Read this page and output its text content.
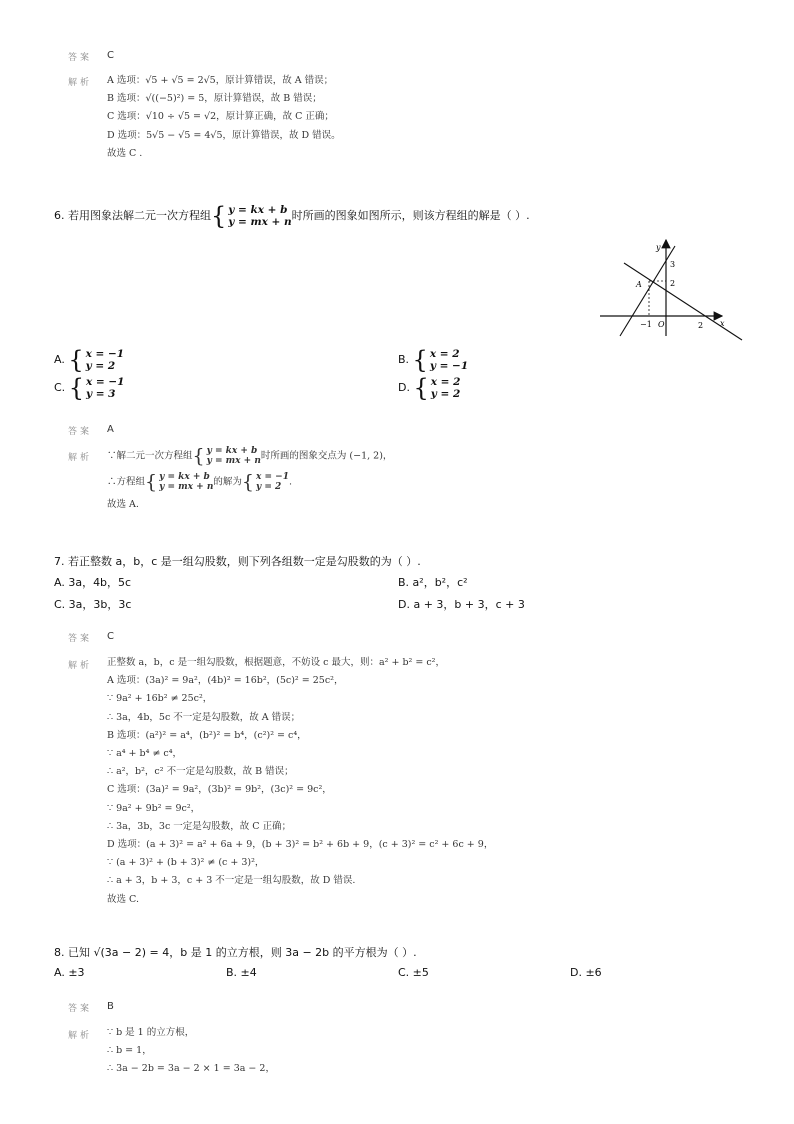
答案 C
解析 A 选项：√5 + √5 = 2√5，原计算错误，故 A 错误；
B 选项：√((−5)²) = 5，原计算错误，故 B 错误；
C 选项：√10 ÷ √5 = √2，原计算正确，故 C 正确；
D 选项：5√5 − √5 = 4√5，原计算错误，故 D 错误。
故选 C .
6. 若用图象法解二元一次方程组 { y = kx + b
y = mx + n 时所画的图象如图所示，则该方程组的解是（ ）.
y
x
3
2
A
−1 O	2
A. { x = −1
y = 2	B. { x = 2
y = −1
C. { x = −1
y = 3	D. { x = 2
y = 2
答案 A
解析 ∵解二元一次方程组 { y = kx + b
y = mx + n 时所画的图象交点为 (−1, 2)，
∴方程组 { y = kx + b
y = mx + n 的解为 { x = −1
y = 2 .
故选 A.
7. 若正整数 a，b，c 是一组勾股数，则下列各组数一定是勾股数的为（ ）.
A. 3a，4b，5c	B. a²，b²，c²
C. 3a，3b，3c	D. a + 3，b + 3，c + 3
答案 C
解析 正整数 a，b，c 是一组勾股数，根据题意，不妨设 c 最大，则：a² + b² = c²，
A 选项：(3a)² = 9a²，(4b)² = 16b²，(5c)² = 25c²，
∵ 9a² + 16b² ≠ 25c²，
∴ 3a，4b，5c 不一定是勾股数，故 A 错误；
B 选项：(a²)² = a⁴，(b²)² = b⁴，(c²)² = c⁴，
∵ a⁴ + b⁴ ≠ c⁴，
∴ a²，b²，c² 不一定是勾股数，故 B 错误；
C 选项：(3a)² = 9a²，(3b)² = 9b²，(3c)² = 9c²，
∵ 9a² + 9b² = 9c²，
∴ 3a，3b，3c 一定是勾股数，故 C 正确；
D 选项：(a + 3)² = a² + 6a + 9，(b + 3)² = b² + 6b + 9，(c + 3)² = c² + 6c + 9，
∵ (a + 3)² + (b + 3)² ≠ (c + 3)²，
∴ a + 3，b + 3，c + 3 不一定是一组勾股数，故 D 错误.
故选 C.
8. 已知 √(3a − 2) = 4，b 是 1 的立方根，则 3a − 2b 的平方根为（ ）.
A. ±3	B. ±4	C. ±5	D. ±6
答案 B
解析 ∵ b 是 1 的立方根，
∴ b = 1，
∴ 3a − 2b = 3a − 2 × 1 = 3a − 2，
